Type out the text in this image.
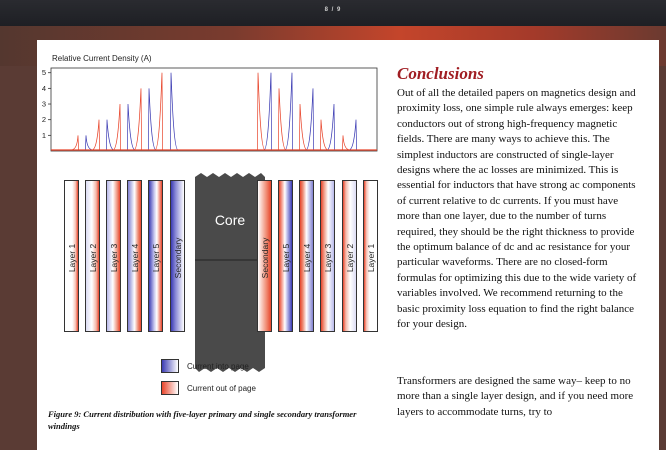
8 / 9
Relative Current Density (A)
1
2
3
4
5
Core
Layer 1 Layer 2 Layer 3 Layer 4 Layer 5 Secondary	Secondary Layer 5 Layer 4 Layer 3 Layer 2 Layer 1
Current into page
Current out of page
Figure 9: Current distribution with five-layer primary and single secondary transformer windings
Conclusions

Out of all the detailed papers on magnetics design and proximity loss, one simple rule always emerges: keep conductors out of strong high-frequency magnetic fields. There are many ways to achieve this. The simplest inductors are constructed of single-layer designs where the ac losses are minimized. This is essential for inductors that have strong ac components of current relative to dc currents. If you must have more than one layer, due to the number of turns required, they should be the right thickness to provide the optimum balance of dc and ac resistance for your particular waveforms. There are no closed-form formulas for optimizing this due to the wide variety of variables involved. We recommend returning to the basic proximity loss equation to find the right balance for your design.

Transformers are designed the same way– keep to no more than a single layer design, and if you need more layers to accommodate turns, try to
